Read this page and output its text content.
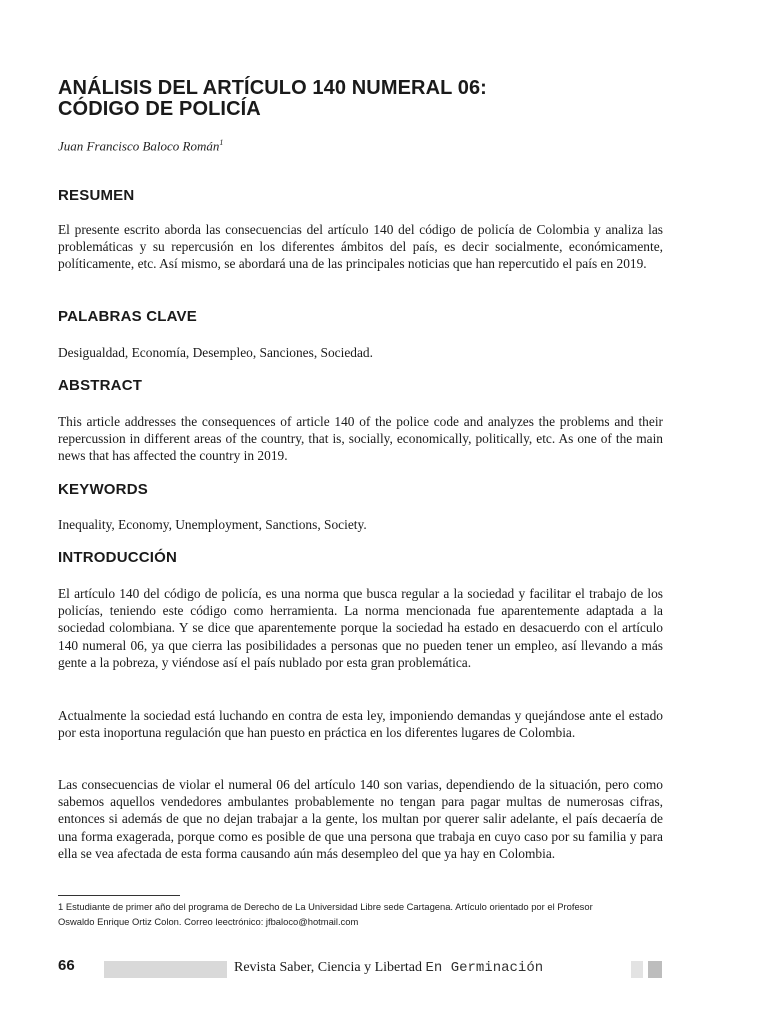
ANÁLISIS DEL ARTÍCULO 140 NUMERAL 06:
CÓDIGO DE POLICÍA
Juan Francisco Baloco Román$^1$
RESUMEN
El presente escrito aborda las consecuencias del artículo 140 del código de policía de Colombia y analiza las problemáticas y su repercusión en los diferentes ámbitos del país, es decir socialmente, económicamente, políticamente, etc. Así mismo, se abordará una de las principales noticias que han repercutido el país en 2019.
PALABRAS CLAVE
Desigualdad, Economía, Desempleo, Sanciones, Sociedad.
ABSTRACT
This article addresses the consequences of article 140 of the police code and analyzes the problems and their repercussion in different areas of the country, that is, socially, economically, politically, etc. As one of the main news that has affected the country in 2019.
KEYWORDS
Inequality, Economy, Unemployment, Sanctions, Society.
INTRODUCCIÓN
El artículo 140 del código de policía, es una norma que busca regular a la sociedad y facilitar el trabajo de los policías, teniendo este código como herramienta. La norma mencionada fue aparentemente adaptada a la sociedad colombiana. Y se dice que aparentemente porque la sociedad ha estado en desacuerdo con el artículo 140 numeral 06, ya que cierra las posibilidades a personas que no pueden tener un empleo, así llevando a más gente a la pobreza, y viéndose así el país nublado por esta gran problemática.
Actualmente la sociedad está luchando en contra de esta ley, imponiendo demandas y quejándose ante el estado por esta inoportuna regulación que han puesto en práctica en los diferentes lugares de Colombia.
Las consecuencias de violar el numeral 06 del artículo 140 son varias, dependiendo de la situación, pero como sabemos aquellos vendedores ambulantes probablemente no tengan para pagar multas de numerosas cifras, entonces si además de que no dejan trabajar a la gente, los multan por querer salir adelante, el país decaería de una forma exagerada, porque como es posible de que una persona que trabaja en cuyo caso por su familia y para ella se vea afectada de esta forma causando aún más desempleo del que ya hay en Colombia.
1 Estudiante de primer año del programa de Derecho de La Universidad Libre sede Cartagena. Artículo orientado por el Profesor
Oswaldo Enrique Ortiz Colon. Correo leectrónico: jfbaloco@hotmail.com
66	Revista Saber, Ciencia y Libertad En Germinación
